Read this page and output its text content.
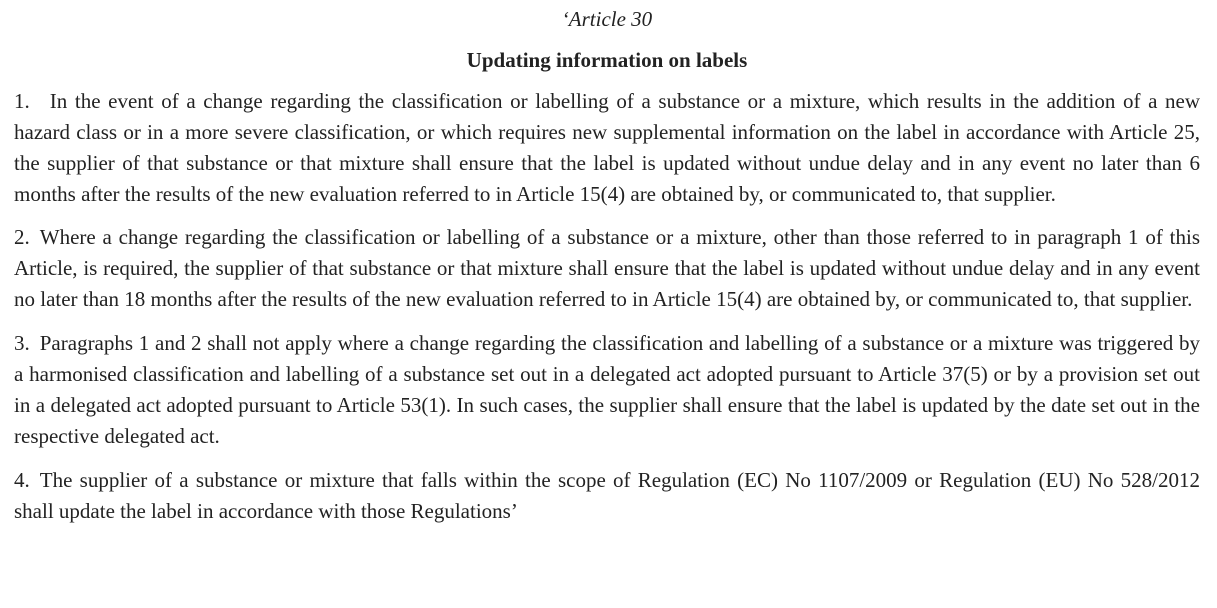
‘Article 30

Updating information on labels

1. In the event of a change regarding the classification or labelling of a substance or a mixture, which results in the addition of a new hazard class or in a more severe classification, or which requires new supplemental information on the label in accordance with Article 25, the supplier of that substance or that mixture shall ensure that the label is updated without undue delay and in any event no later than 6 months after the results of the new evaluation referred to in Article 15(4) are obtained by, or communicated to, that supplier.

2. Where a change regarding the classification or labelling of a substance or a mixture, other than those referred to in paragraph 1 of this Article, is required, the supplier of that substance or that mixture shall ensure that the label is updated without undue delay and in any event no later than 18 months after the results of the new evaluation referred to in Article 15(4) are obtained by, or communicated to, that supplier.

3. Paragraphs 1 and 2 shall not apply where a change regarding the classification and labelling of a substance or a mixture was triggered by a harmonised classification and labelling of a substance set out in a delegated act adopted pursuant to Article 37(5) or by a provision set out in a delegated act adopted pursuant to Article 53(1). In such cases, the supplier shall ensure that the label is updated by the date set out in the respective delegated act.

4. The supplier of a substance or mixture that falls within the scope of Regulation (EC) No 1107/2009 or Regulation (EU) No 528/2012 shall update the label in accordance with those Regulations’
